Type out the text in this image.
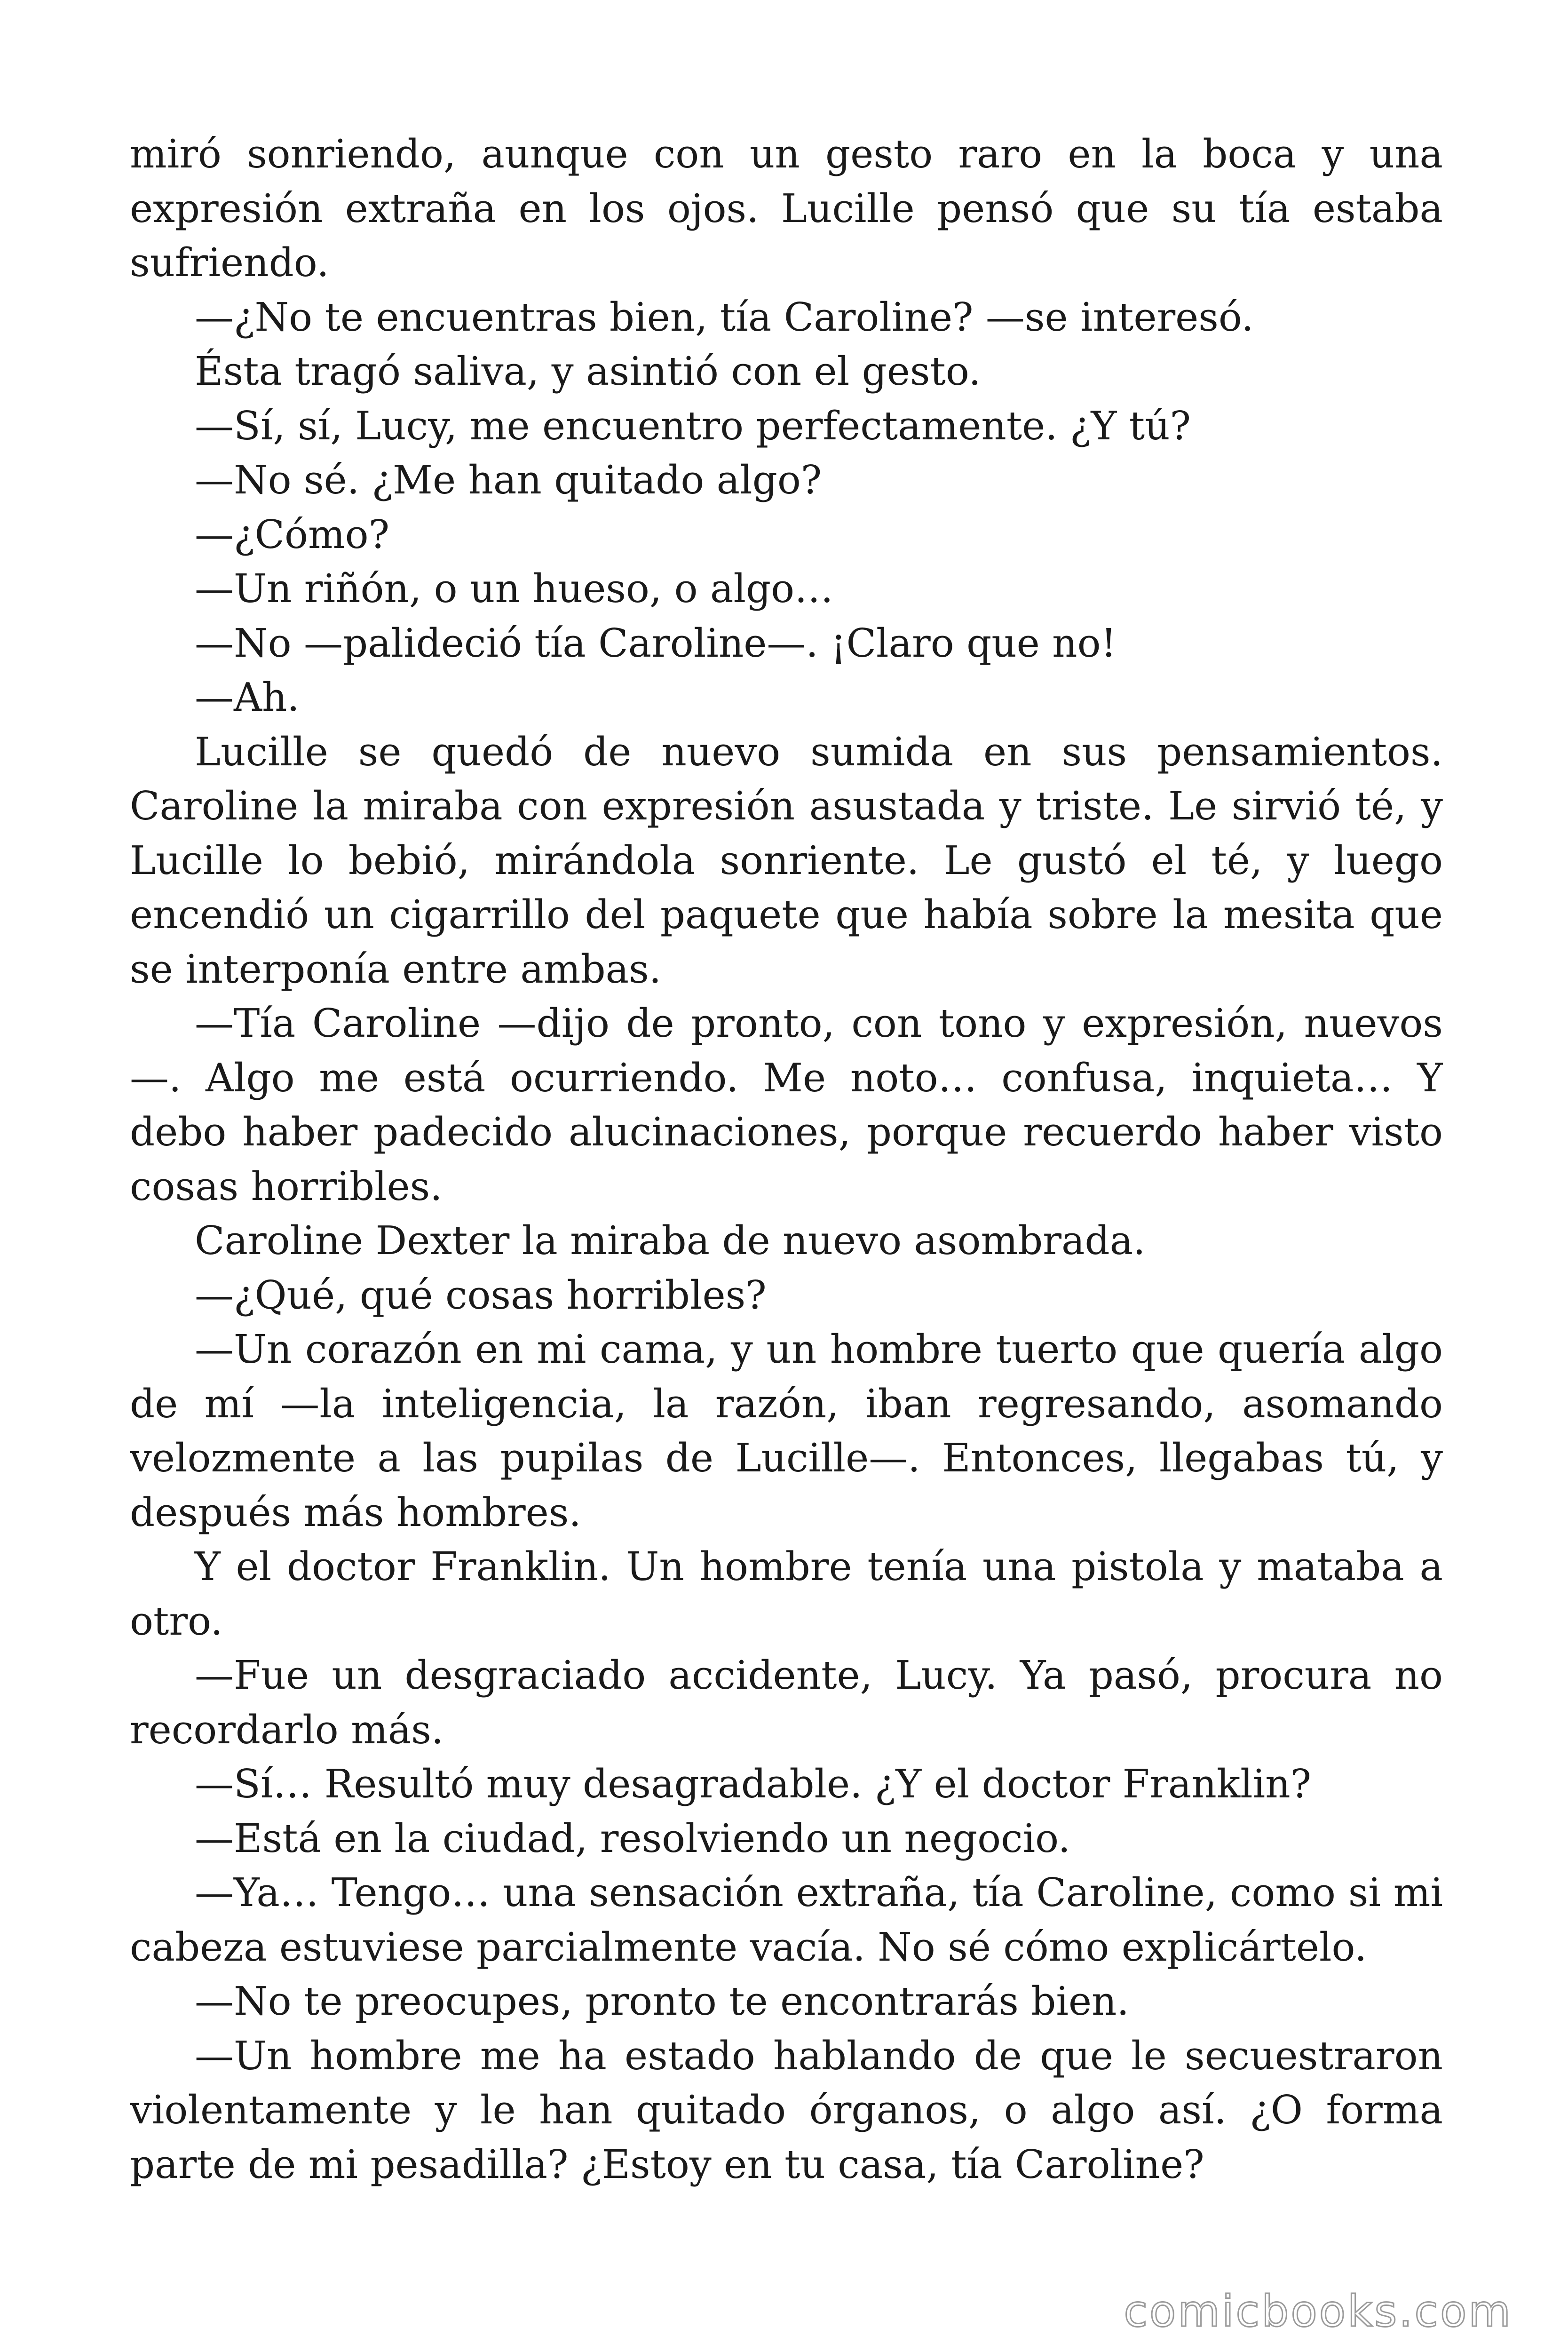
miró sonriendo, aunque con un gesto raro en la boca y una expresión extraña en los ojos. Lucille pensó que su tía estaba sufriendo.

—¿No te encuentras bien, tía Caroline? —se interesó.

Ésta tragó saliva, y asintió con el gesto.

—Sí, sí, Lucy, me encuentro perfectamente. ¿Y tú?

—No sé. ¿Me han quitado algo?

—¿Cómo?

—Un riñón, o un hueso, o algo…

—No —palideció tía Caroline—. ¡Claro que no!

—Ah.

Lucille se quedó de nuevo sumida en sus pensamientos. Caroline la miraba con expresión asustada y triste. Le sirvió té, y Lucille lo bebió, mirándola sonriente. Le gustó el té, y luego encendió un cigarrillo del paquete que había sobre la mesita que se interponía entre ambas.

—Tía Caroline —dijo de pronto, con tono y expresión, nuevos—. Algo me está ocurriendo. Me noto… confusa, inquieta… Y debo haber padecido alucinaciones, porque recuerdo haber visto cosas horribles.

Caroline Dexter la miraba de nuevo asombrada.

—¿Qué, qué cosas horribles?

—Un corazón en mi cama, y un hombre tuerto que quería algo de mí —la inteligencia, la razón, iban regresando, asomando velozmente a las pupilas de Lucille—. Entonces, llegabas tú, y después más hombres.

Y el doctor Franklin. Un hombre tenía una pistola y mataba a otro.

—Fue un desgraciado accidente, Lucy. Ya pasó, procura no recordarlo más.

—Sí… Resultó muy desagradable. ¿Y el doctor Franklin?

—Está en la ciudad, resolviendo un negocio.

—Ya… Tengo… una sensación extraña, tía Caroline, como si mi cabeza estuviese parcialmente vacía. No sé cómo explicártelo.

—No te preocupes, pronto te encontrarás bien.

—Un hombre me ha estado hablando de que le secuestraron violentamente y le han quitado órganos, o algo así. ¿O forma parte de mi pesadilla? ¿Estoy en tu casa, tía Caroline?

comicbooks.com
